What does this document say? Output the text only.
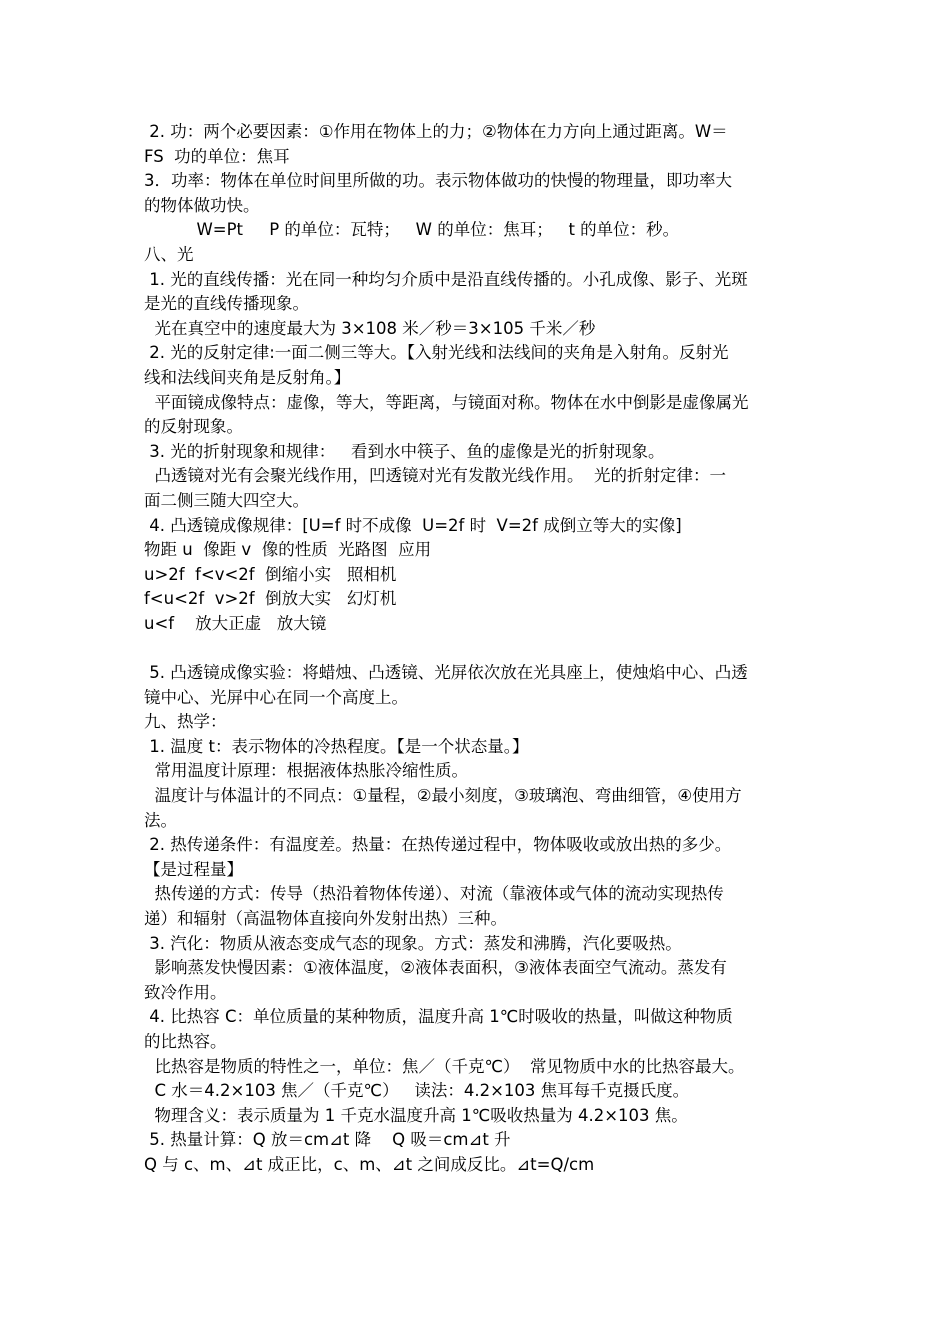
2. 功：两个必要因素：①作用在物体上的力；②物体在力方向上通过距离。W＝
FS  功的单位：焦耳
3．功率：物体在单位时间里所做的功。表示物体做功的快慢的物理量，即功率大
的物体做功快。
W=Pt     P 的单位：瓦特；   W 的单位：焦耳；   t 的单位：秒。
八、光
1. 光的直线传播：光在同一种均匀介质中是沿直线传播的。小孔成像、影子、光斑
是光的直线传播现象。
光在真空中的速度最大为 3×108 米／秒＝3×105 千米／秒
2. 光的反射定律:一面二侧三等大。【入射光线和法线间的夹角是入射角。反射光
线和法线间夹角是反射角。】
平面镜成像特点：虚像，等大，等距离，与镜面对称。物体在水中倒影是虚像属光
的反射现象。
3. 光的折射现象和规律：   看到水中筷子、鱼的虚像是光的折射现象。
凸透镜对光有会聚光线作用，凹透镜对光有发散光线作用。  光的折射定律：一
面二侧三随大四空大。
4. 凸透镜成像规律：[U=f 时不成像  U=2f 时  V=2f 成倒立等大的实像]
物距 u  像距 v  像的性质  光路图  应用
u>2f  f<v<2f  倒缩小实   照相机
f<u<2f  v>2f  倒放大实   幻灯机
u<f    放大正虚   放大镜
5. 凸透镜成像实验：将蜡烛、凸透镜、光屏依次放在光具座上，使烛焰中心、凸透
镜中心、光屏中心在同一个高度上。
九、热学：
1. 温度 t：表示物体的冷热程度。【是一个状态量。】
常用温度计原理：根据液体热胀冷缩性质。
温度计与体温计的不同点：①量程，②最小刻度，③玻璃泡、弯曲细管，④使用方
法。
2. 热传递条件：有温度差。热量：在热传递过程中，物体吸收或放出热的多少。
【是过程量】
热传递的方式：传导（热沿着物体传递）、对流（靠液体或气体的流动实现热传
递）和辐射（高温物体直接向外发射出热）三种。
3. 汽化：物质从液态变成气态的现象。方式：蒸发和沸腾，汽化要吸热。
影响蒸发快慢因素：①液体温度，②液体表面积，③液体表面空气流动。蒸发有
致冷作用。
4. 比热容 C：单位质量的某种物质，温度升高 1℃时吸收的热量，叫做这种物质
的比热容。
比热容是物质的特性之一，单位：焦／（千克℃）  常见物质中水的比热容最大。
C 水＝4.2×103 焦／（千克℃）   读法：4.2×103 焦耳每千克摄氏度。
物理含义：表示质量为 1 千克水温度升高 1℃吸收热量为 4.2×103 焦。
5. 热量计算：Q 放＝cm⊿t 降    Q 吸＝cm⊿t 升
Q 与 c、m、⊿t 成正比，c、m、⊿t 之间成反比。⊿t=Q/cm
